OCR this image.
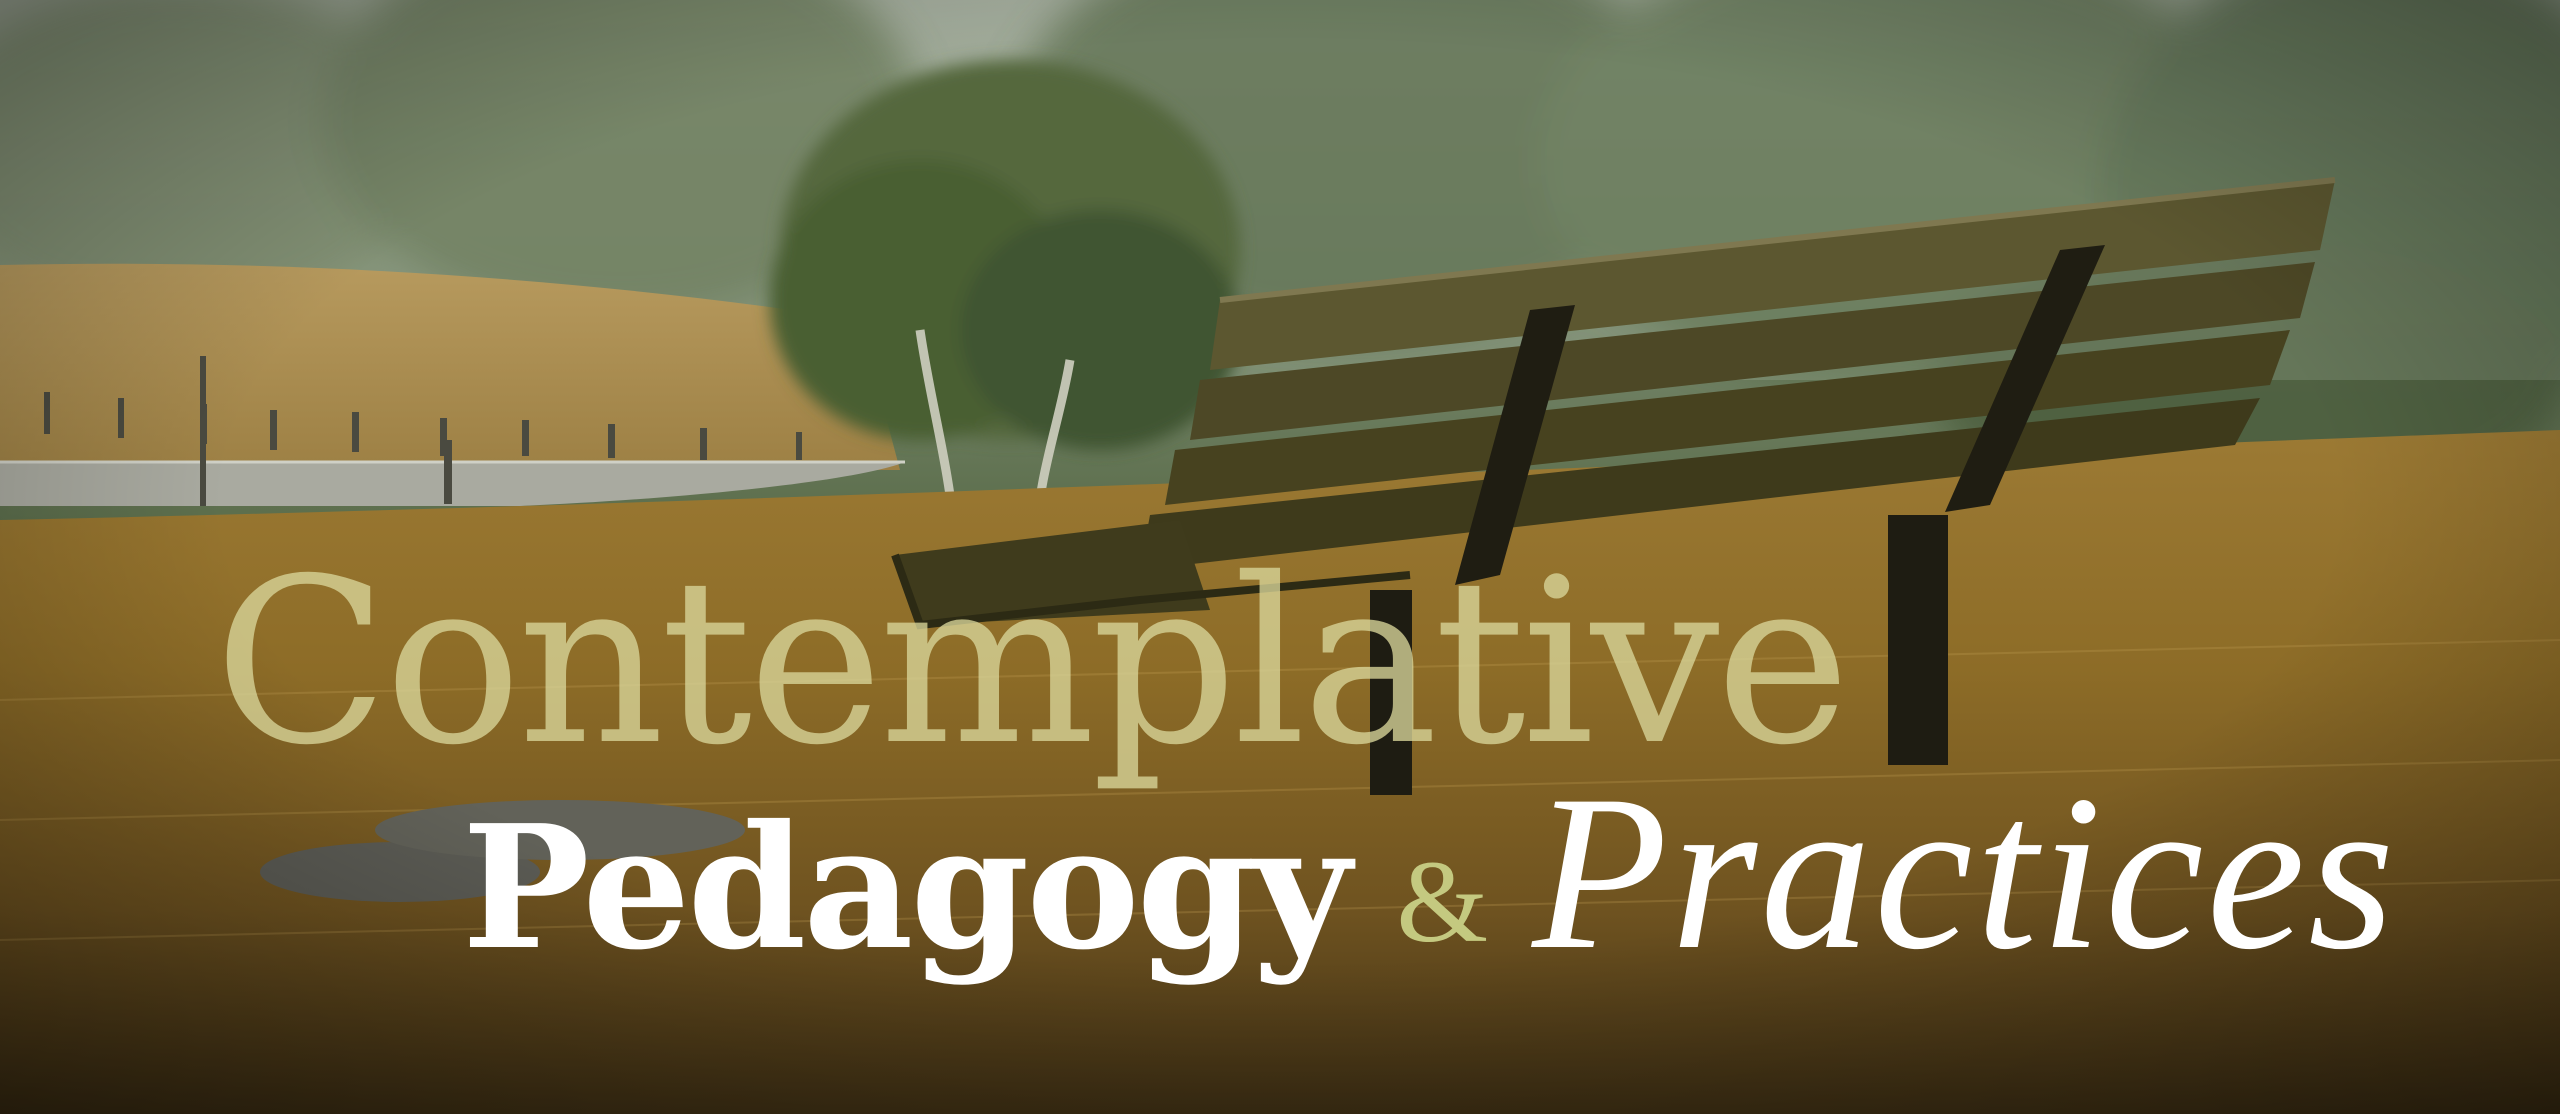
Contemplative
Pedagogy & Practices
